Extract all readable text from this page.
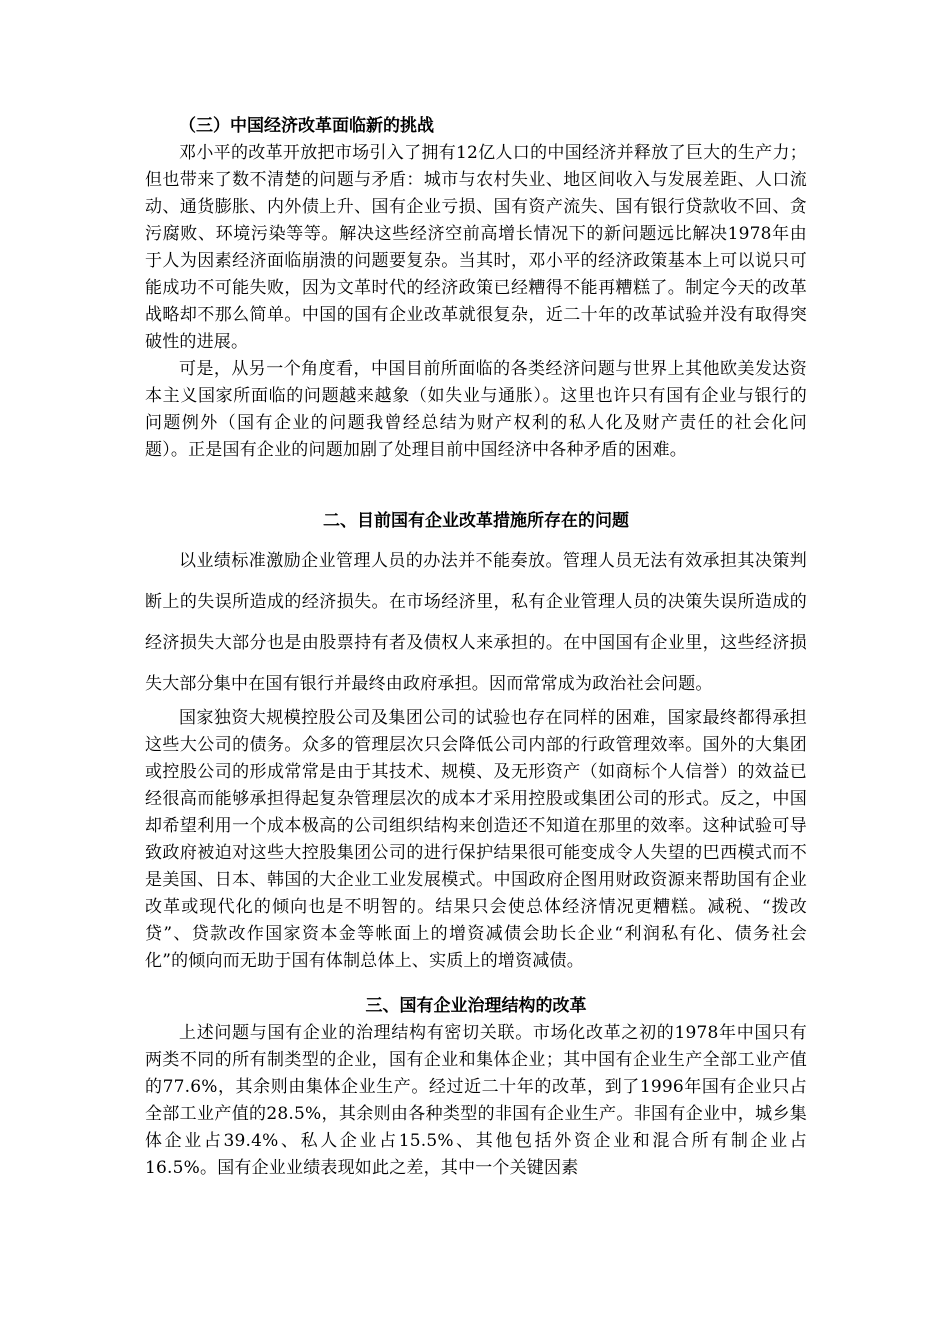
（三）中国经济改革面临新的挑战

邓小平的改革开放把市场引入了拥有12亿人口的中国经济并释放了巨大的生产力；但也带来了数不清楚的问题与矛盾：城市与农村失业、地区间收入与发展差距、人口流动、通货膨胀、内外债上升、国有企业亏损、国有资产流失、国有银行贷款收不回、贪污腐败、环境污染等等。解决这些经济空前高增长情况下的新问题远比解决1978年由于人为因素经济面临崩溃的问题要复杂。当其时，邓小平的经济政策基本上可以说只可能成功不可能失败，因为文革时代的经济政策已经糟得不能再糟糕了。制定今天的改革战略却不那么简单。中国的国有企业改革就很复杂，近二十年的改革试验并没有取得突破性的进展。

可是，从另一个角度看，中国目前所面临的各类经济问题与世界上其他欧美发达资本主义国家所面临的问题越来越象（如失业与通胀）。这里也许只有国有企业与银行的问题例外（国有企业的问题我曾经总结为财产权利的私人化及财产责任的社会化问题）。正是国有企业的问题加剧了处理目前中国经济中各种矛盾的困难。

二、目前国有企业改革措施所存在的问题

以业绩标准激励企业管理人员的办法并不能奏放。管理人员无法有效承担其决策判断上的失误所造成的经济损失。在市场经济里，私有企业管理人员的决策失误所造成的经济损失大部分也是由股票持有者及债权人来承担的。在中国国有企业里，这些经济损失大部分集中在国有银行并最终由政府承担。因而常常成为政治社会问题。

国家独资大规模控股公司及集团公司的试验也存在同样的困难，国家最终都得承担这些大公司的债务。众多的管理层次只会降低公司内部的行政管理效率。国外的大集团或控股公司的形成常常是由于其技术、规模、及无形资产（如商标个人信誉）的效益已经很高而能够承担得起复杂管理层次的成本才采用控股或集团公司的形式。反之，中国却希望利用一个成本极高的公司组织结构来创造还不知道在那里的效率。这种试验可导致政府被迫对这些大控股集团公司的进行保护结果很可能变成令人失望的巴西模式而不是美国、日本、韩国的大企业工业发展模式。中国政府企图用财政资源来帮助国有企业改革或现代化的倾向也是不明智的。结果只会使总体经济情况更糟糕。减税、“拨改贷”、贷款改作国家资本金等帐面上的增资减债会助长企业“利润私有化、债务社会化”的倾向而无助于国有体制总体上、实质上的增资减债。

三、国有企业治理结构的改革

上述问题与国有企业的治理结构有密切关联。市场化改革之初的1978年中国只有两类不同的所有制类型的企业，国有企业和集体企业；其中国有企业生产全部工业产值的77.6%，其余则由集体企业生产。经过近二十年的改革，到了1996年国有企业只占全部工业产值的28.5%，其余则由各种类型的非国有企业生产。非国有企业中，城乡集体企业占39.4%、私人企业占15.5%、其他包括外资企业和混合所有制企业占16.5%。国有企业业绩表现如此之差，其中一个关键因素
